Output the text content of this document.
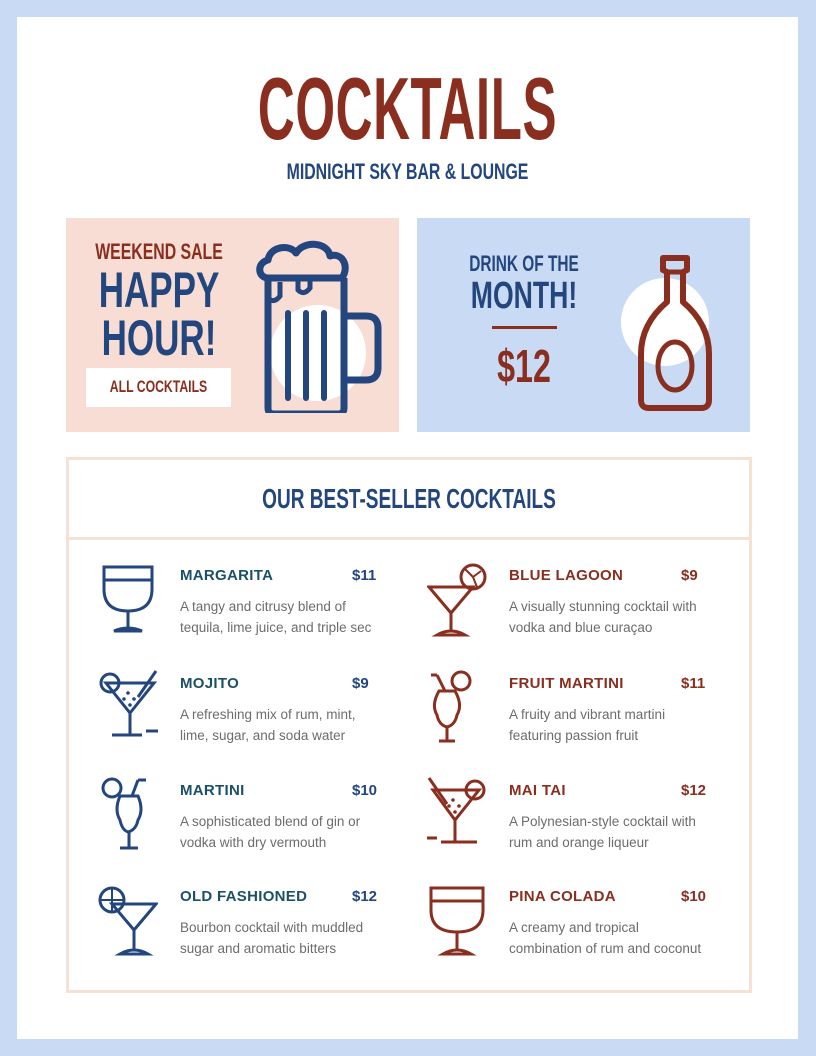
COCKTAILS
MIDNIGHT SKY BAR & LOUNGE
WEEKEND SALE
HAPPY
HOUR!
ALL COCKTAILS
DRINK OF THE
MONTH!
$12
OUR BEST-SELLER COCKTAILS
MARGARITA	$11
A tangy and citrusy blend of
tequila, lime juice, and triple sec
MOJITO	$9
A refreshing mix of rum, mint,
lime, sugar, and soda water
MARTINI	$10
A sophisticated blend of gin or
vodka with dry vermouth
OLD FASHIONED	$12
Bourbon cocktail with muddled
sugar and aromatic bitters
BLUE LAGOON	$9
A visually stunning cocktail with
vodka and blue curaçao
FRUIT MARTINI	$11
A fruity and vibrant martini
featuring passion fruit
MAI TAI	$12
A Polynesian-style cocktail with
rum and orange liqueur
PINA COLADA	$10
A creamy and tropical
combination of rum and coconut
